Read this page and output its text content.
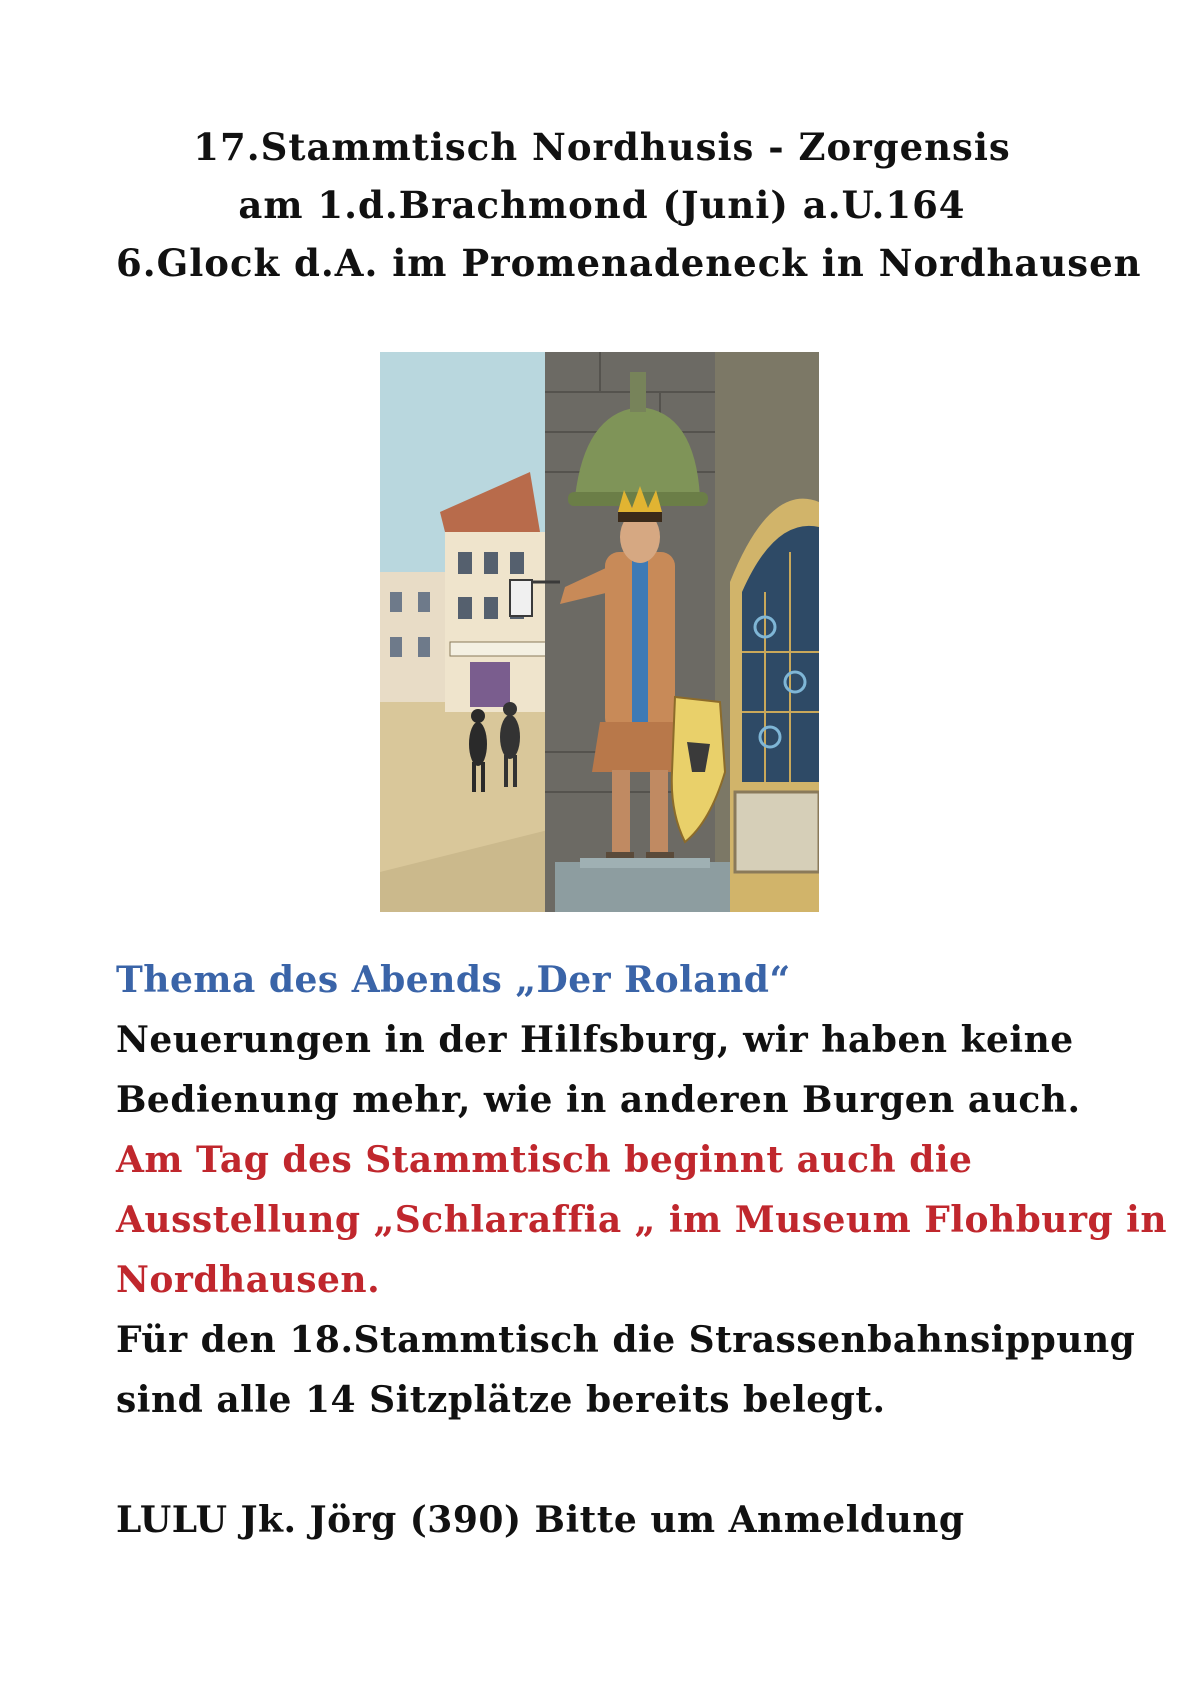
17.Stammtisch Nordhusis - Zorgensis

am 1.d.Brachmond (Juni) a.U.164

6.Glock d.A. im Promenadeneck in Nordhausen

Thema des Abends „Der Roland“

Neuerungen in der Hilfsburg, wir haben keine

Bedienung mehr, wie in anderen Burgen auch.

Am Tag des Stammtisch beginnt auch die

Ausstellung „Schlaraffia „ im Museum Flohburg in

Nordhausen.

Für den 18.Stammtisch die Strassenbahnsippung

sind alle 14 Sitzplätze bereits belegt.

LULU Jk. Jörg (390) Bitte um Anmeldung
